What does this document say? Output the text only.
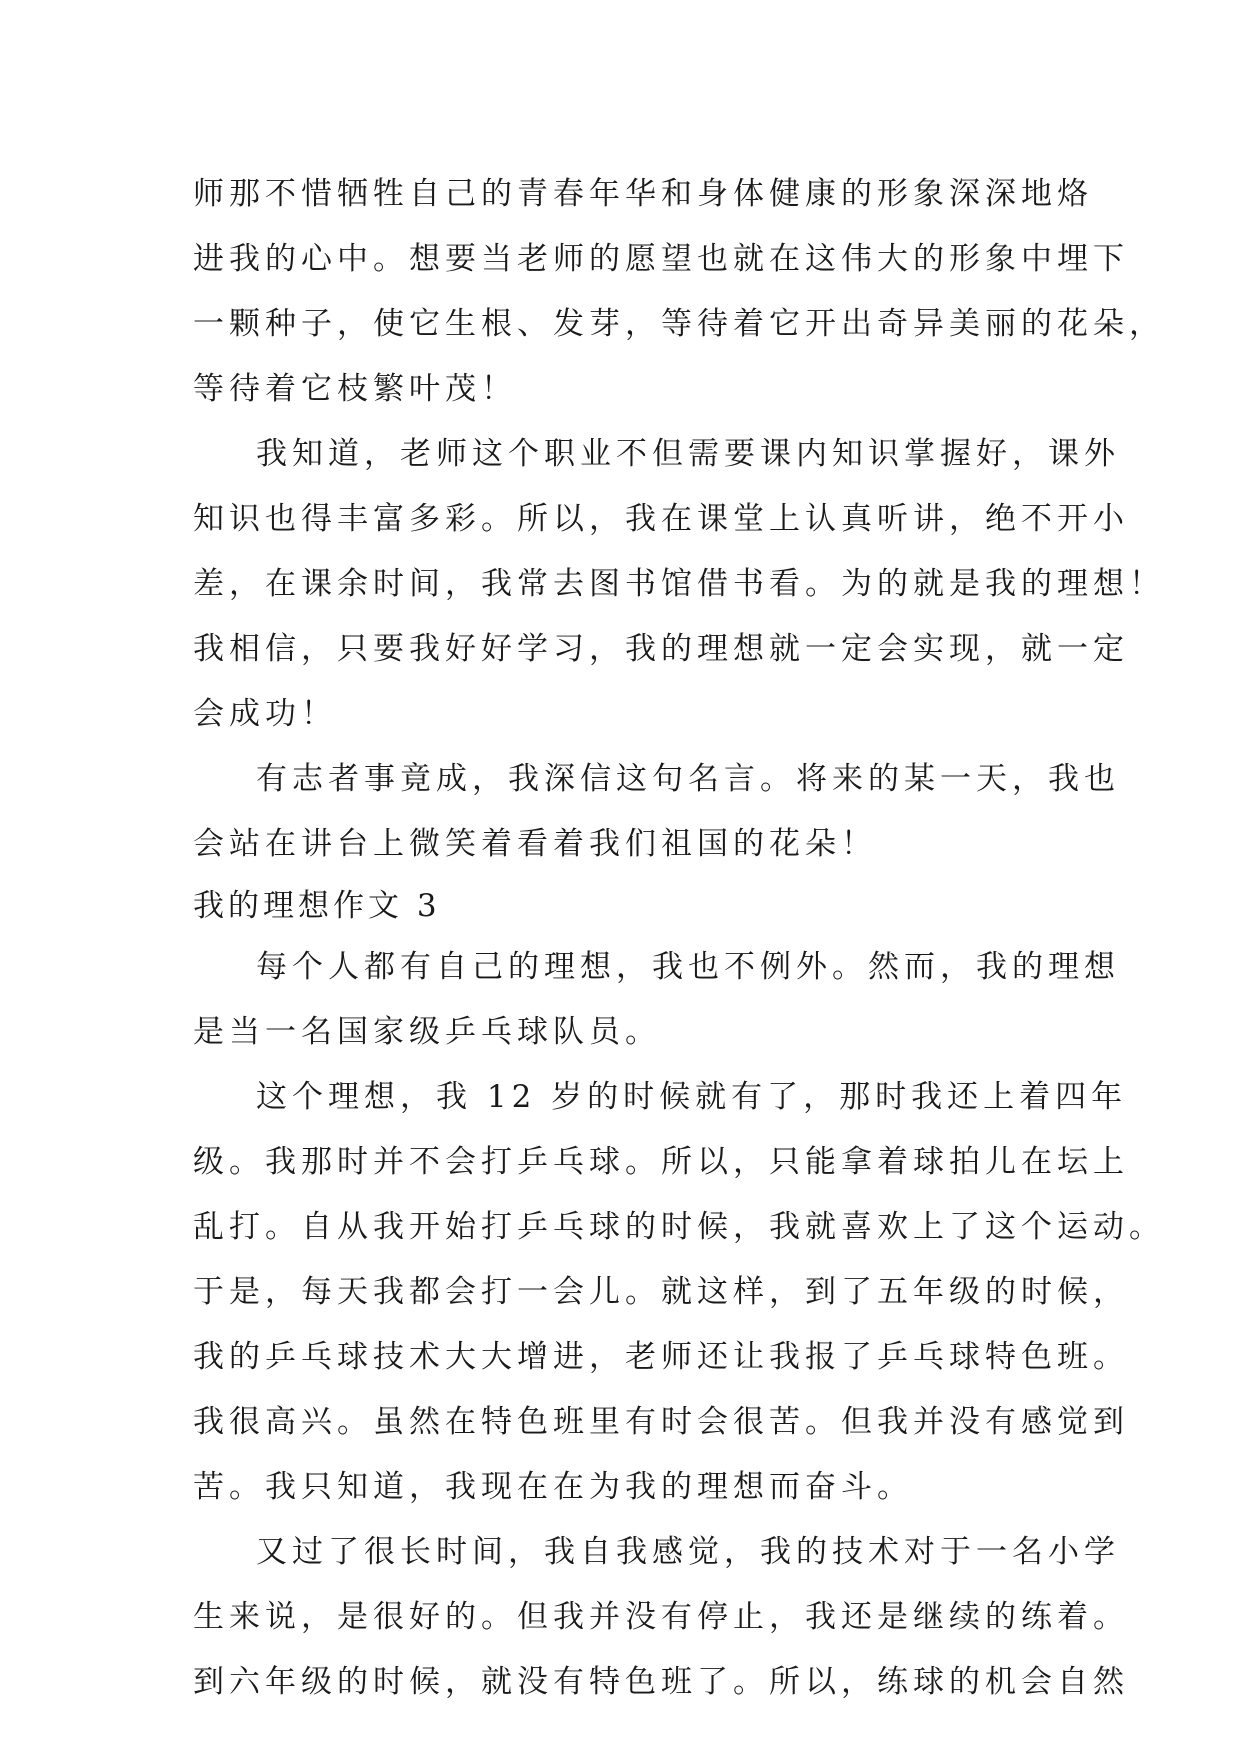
师那不惜牺牲自己的青春年华和身体健康的形象深深地烙
进我的心中。想要当老师的愿望也就在这伟大的形象中埋下
一颗种子，使它生根、发芽，等待着它开出奇异美丽的花朵，
等待着它枝繁叶茂！
我知道，老师这个职业不但需要课内知识掌握好，课外
知识也得丰富多彩。所以，我在课堂上认真听讲，绝不开小
差，在课余时间，我常去图书馆借书看。为的就是我的理想！
我相信，只要我好好学习，我的理想就一定会实现，就一定
会成功！
有志者事竟成，我深信这句名言。将来的某一天，我也
会站在讲台上微笑着看着我们祖国的花朵！
我的理想作文 3
每个人都有自己的理想，我也不例外。然而，我的理想
是当一名国家级乒乓球队员。
这个理想，我 12 岁的时候就有了，那时我还上着四年
级。我那时并不会打乒乓球。所以，只能拿着球拍儿在坛上
乱打。自从我开始打乒乓球的时候，我就喜欢上了这个运动。
于是，每天我都会打一会儿。就这样，到了五年级的时候，
我的乒乓球技术大大增进，老师还让我报了乒乓球特色班。
我很高兴。虽然在特色班里有时会很苦。但我并没有感觉到
苦。我只知道，我现在在为我的理想而奋斗。
又过了很长时间，我自我感觉，我的技术对于一名小学
生来说，是很好的。但我并没有停止，我还是继续的练着。
到六年级的时候，就没有特色班了。所以，练球的机会自然
